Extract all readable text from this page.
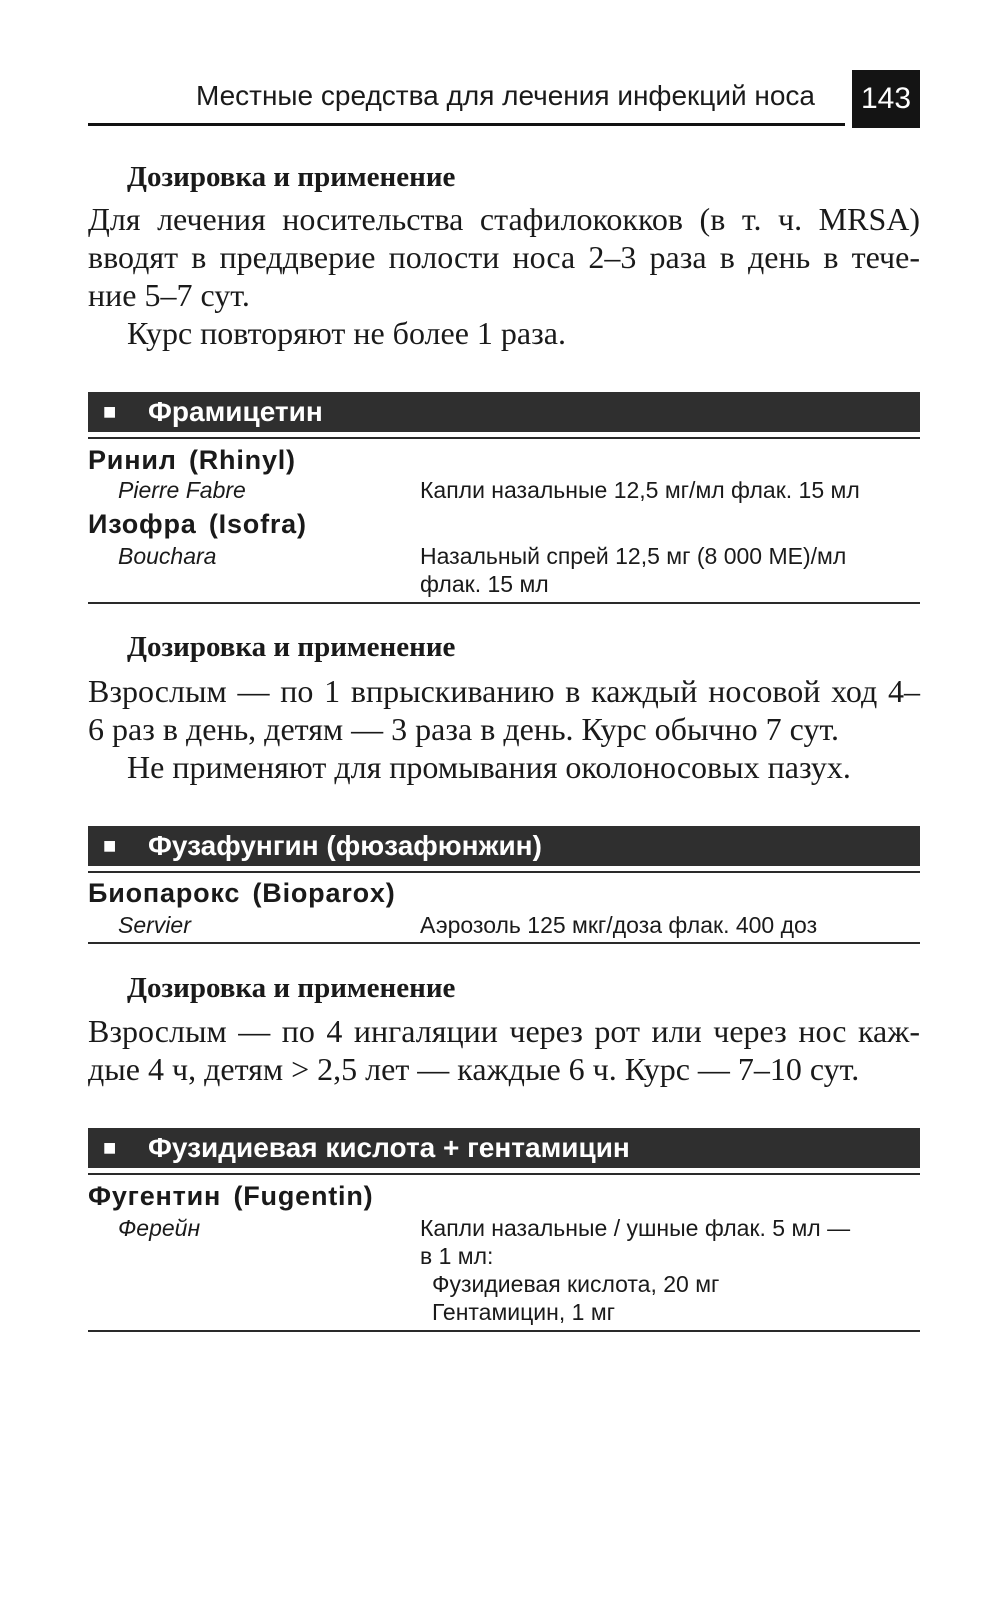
Местные средства для лечения инфекций носа	143
Дозировка и применение
Для лечения носительства стафилококков (в т. ч. MRSA)
вводят в преддверие полости носа 2–3 раза в день в тече-
ние 5–7 сут.
Курс повторяют не более 1 раза.
■ Фрамицетин
Ринил (Rhinyl)
Pierre Fabre	Капли назальные 12,5 мг/мл флак. 15 мл
Изофра (Isofra)
Bouchara	Назальный спрей 12,5 мг (8 000 МЕ)/мл
флак. 15 мл
Дозировка и применение
Взрослым — по 1 впрыскиванию в каждый носовой ход 4–
6 раз в день, детям — 3 раза в день. Курс обычно 7 сут.
Не применяют для промывания околоносовых пазух.
■ Фузафунгин (фюзафюнжин)
Биопарокс (Bioparox)
Servier	Аэрозоль 125 мкг/доза флак. 400 доз
Дозировка и применение
Взрослым — по 4 ингаляции через рот или через нос каж-
дые 4 ч, детям > 2,5 лет — каждые 6 ч. Курс — 7–10 сут.
■ Фузидиевая кислота + гентамицин
Фугентин (Fugentin)
Ферейн	Капли назальные / ушные флак. 5 мл —
в 1 мл:
Фузидиевая кислота, 20 мг
Гентамицин, 1 мг
